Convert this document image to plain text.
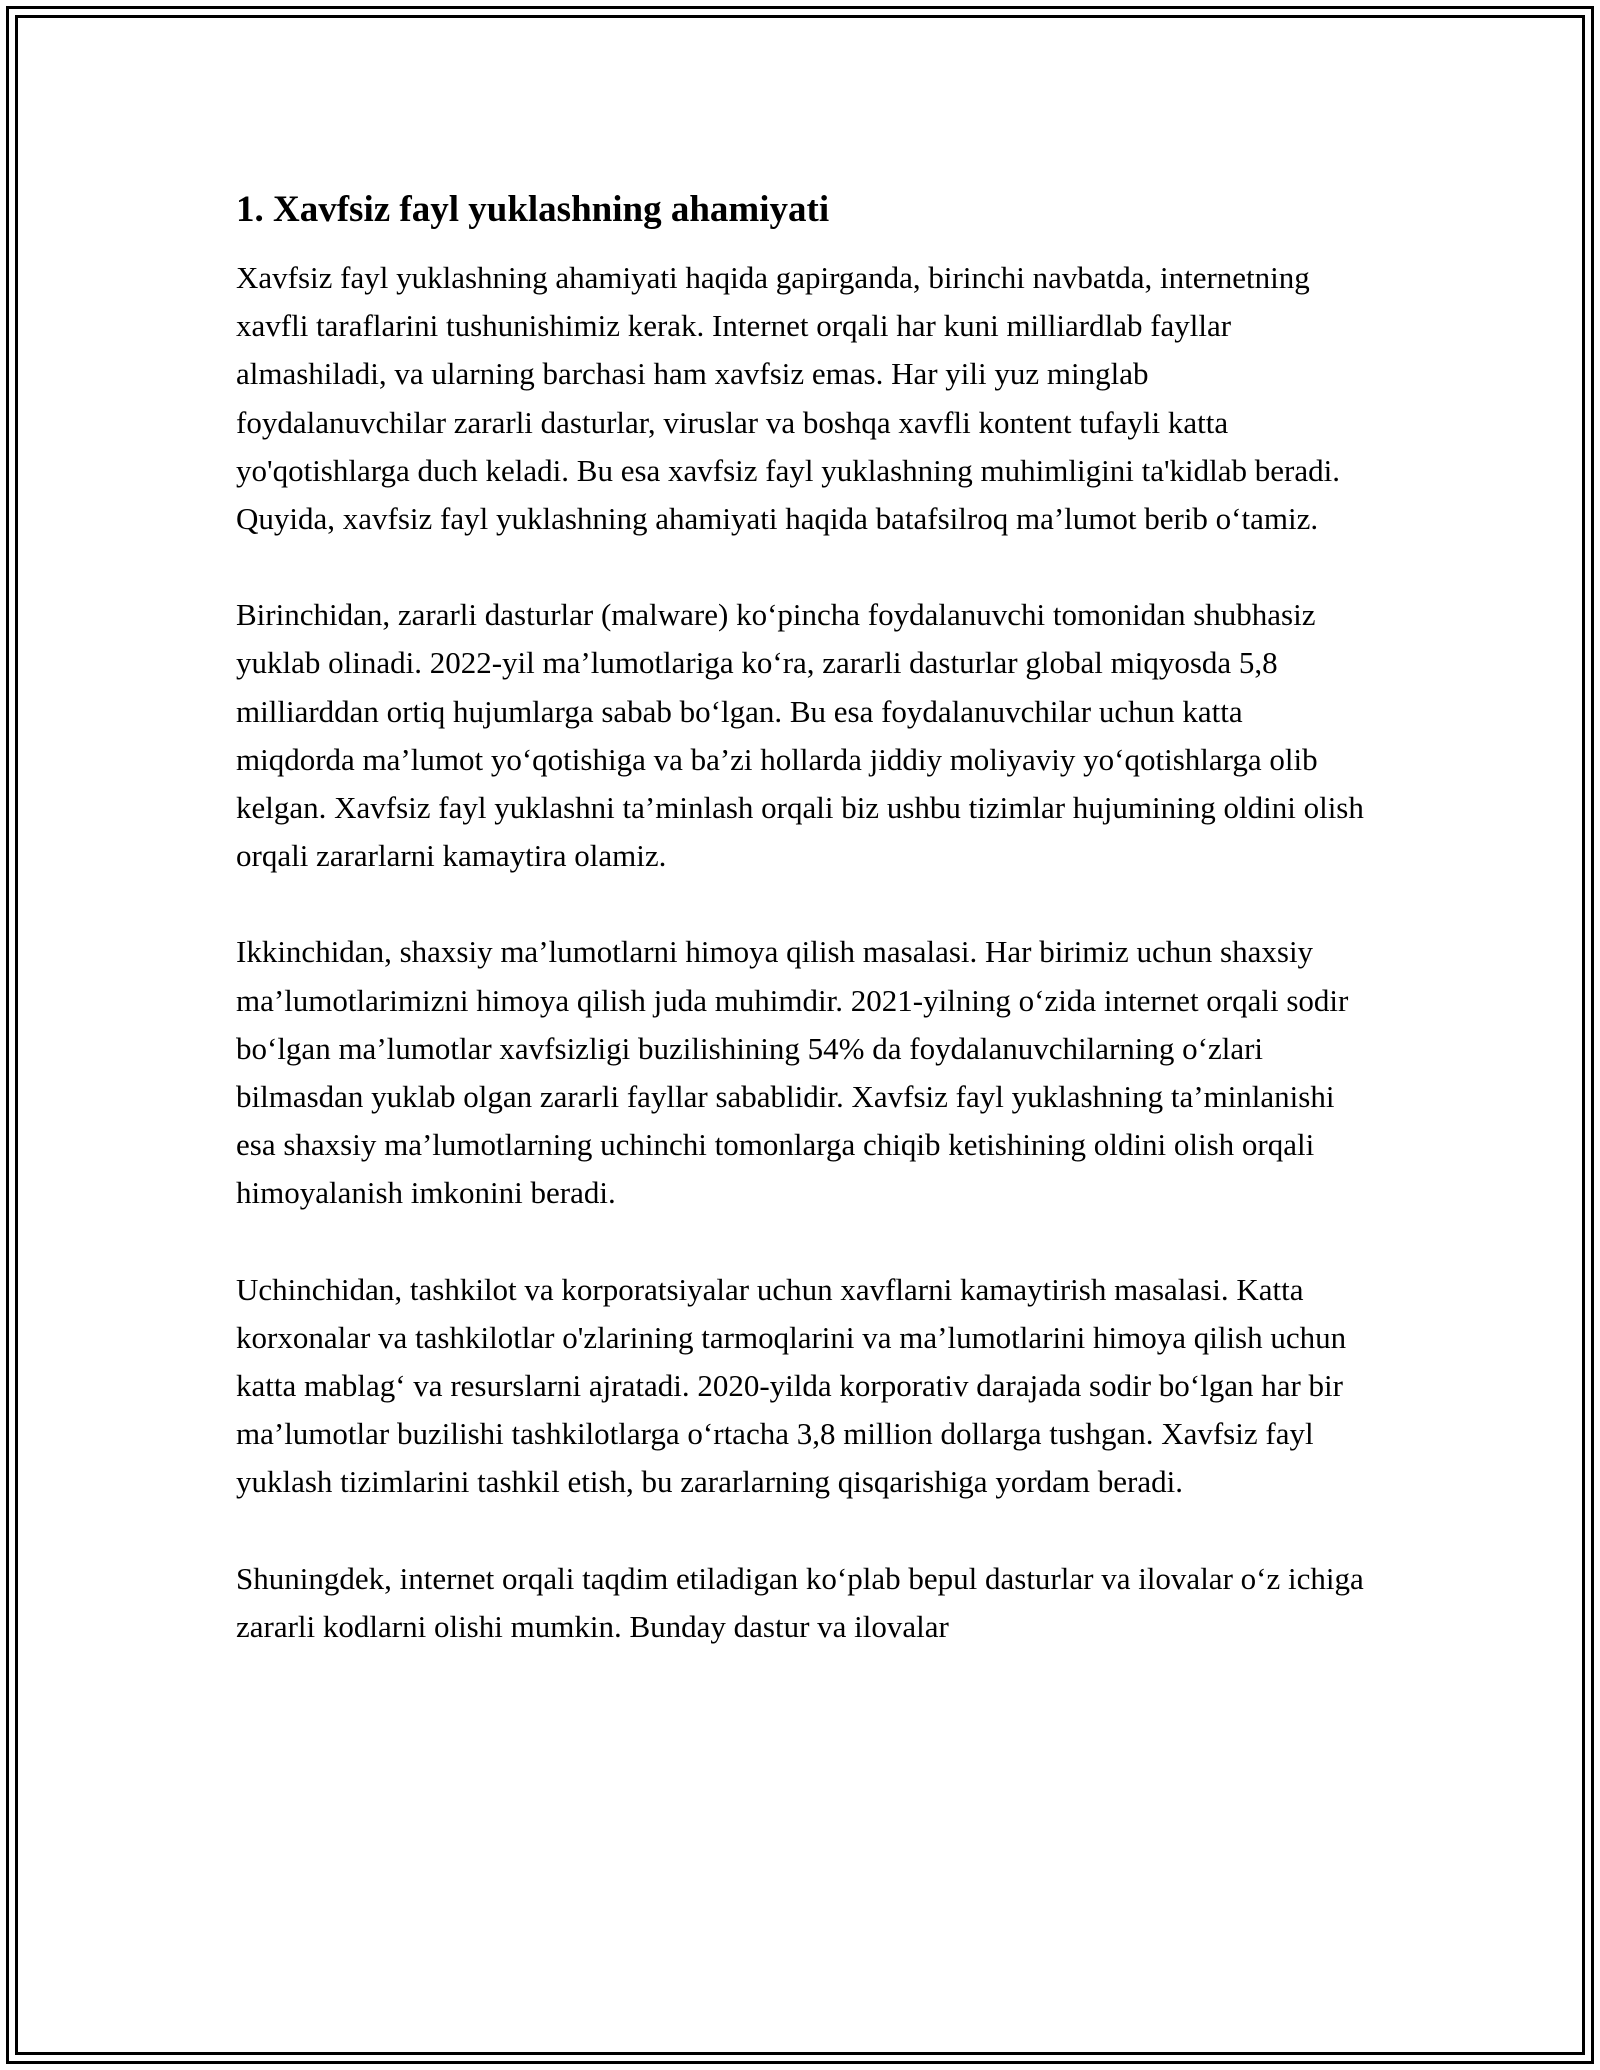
1. Xavfsiz fayl yuklashning ahamiyati

Xavfsiz fayl yuklashning ahamiyati haqida gapirganda, birinchi navbatda, internetning xavfli taraflarini tushunishimiz kerak. Internet orqali har kuni milliardlab fayllar almashiladi, va ularning barchasi ham xavfsiz emas. Har yili yuz minglab foydalanuvchilar zararli dasturlar, viruslar va boshqa xavfli kontent tufayli katta yo'qotishlarga duch keladi. Bu esa xavfsiz fayl yuklashning muhimligini ta'kidlab beradi. Quyida, xavfsiz fayl yuklashning ahamiyati haqida batafsilroq ma’lumot berib o‘tamiz.

Birinchidan, zararli dasturlar (malware) ko‘pincha foydalanuvchi tomonidan shubhasiz yuklab olinadi. 2022-yil ma’lumotlariga ko‘ra, zararli dasturlar global miqyosda 5,8 milliarddan ortiq hujumlarga sabab bo‘lgan. Bu esa foydalanuvchilar uchun katta miqdorda ma’lumot yo‘qotishiga va ba’zi hollarda jiddiy moliyaviy yo‘qotishlarga olib kelgan. Xavfsiz fayl yuklashni ta’minlash orqali biz ushbu tizimlar hujumining oldini olish orqali zararlarni kamaytira olamiz.

Ikkinchidan, shaxsiy ma’lumotlarni himoya qilish masalasi. Har birimiz uchun shaxsiy ma’lumotlarimizni himoya qilish juda muhimdir. 2021-yilning o‘zida internet orqali sodir bo‘lgan ma’lumotlar xavfsizligi buzilishining 54% da foydalanuvchilarning o‘zlari bilmasdan yuklab olgan zararli fayllar sabablidir. Xavfsiz fayl yuklashning ta’minlanishi esa shaxsiy ma’lumotlarning uchinchi tomonlarga chiqib ketishining oldini olish orqali himoyalanish imkonini beradi.

Uchinchidan, tashkilot va korporatsiyalar uchun xavflarni kamaytirish masalasi. Katta korxonalar va tashkilotlar o'zlarining tarmoqlarini va ma’lumotlarini himoya qilish uchun katta mablag‘ va resurslarni ajratadi. 2020-yilda korporativ darajada sodir bo‘lgan har bir ma’lumotlar buzilishi tashkilotlarga o‘rtacha 3,8 million dollarga tushgan. Xavfsiz fayl yuklash tizimlarini tashkil etish, bu zararlarning qisqarishiga yordam beradi.

Shuningdek, internet orqali taqdim etiladigan ko‘plab bepul dasturlar va ilovalar o‘z ichiga zararli kodlarni olishi mumkin. Bunday dastur va ilovalar
